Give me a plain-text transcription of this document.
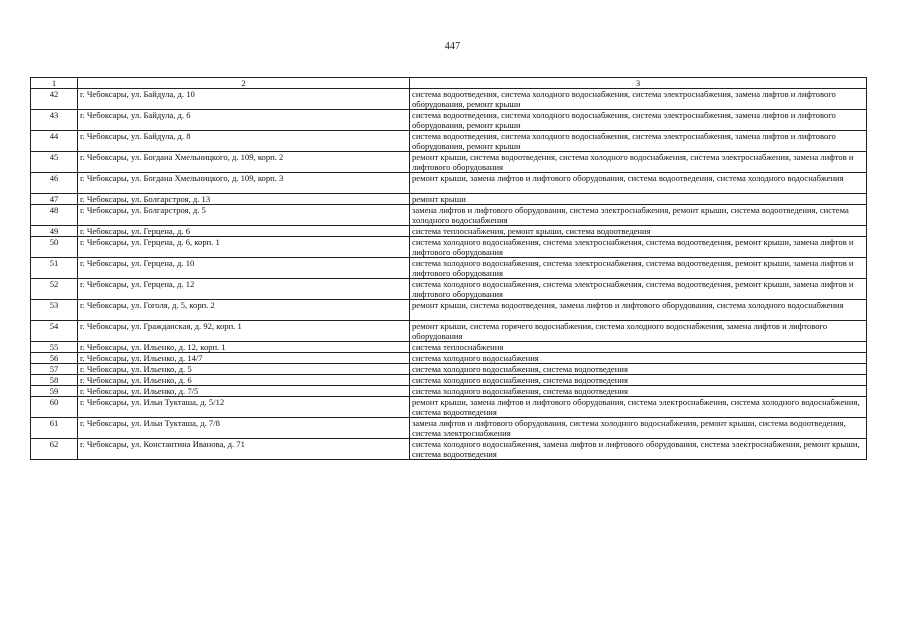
447
1	2	3
42	г. Чебоксары, ул. Байдула, д. 10	система водоотведения, система холодного водоснабжения, система электроснабжения, замена лифтов и лифтового оборудования, ремонт крыши
43	г. Чебоксары, ул. Байдула, д. 6	система водоотведения, система холодного водоснабжения, система электроснабжения, замена лифтов и лифтового оборудования, ремонт крыши
44	г. Чебоксары, ул. Байдула, д. 8	система водоотведения, система холодного водоснабжения, система электроснабжения, замена лифтов и лифтового оборудования, ремонт крыши
45	г. Чебоксары, ул. Богдана Хмельницкого, д. 109, корп. 2	ремонт крыши, система водоотведения, система холодного водоснабжения, система электроснабжения, замена лифтов и лифтового оборудования
46	г. Чебоксары, ул. Богдана Хмельницкого, д. 109, корп. 3	ремонт крыши, замена лифтов и лифтового оборудования, система водоотведения, система холодного водоснабжения
47	г. Чебоксары, ул. Болгарстроя, д. 13	ремонт крыши
48	г. Чебоксары, ул. Болгарстроя, д. 5	замена лифтов и лифтового оборудования, система электроснабжения, ремонт крыши, система водоотведения, система холодного водоснабжения
49	г. Чебоксары, ул. Герцена, д. 6	система теплоснабжения, ремонт крыши, система водоотведения
50	г. Чебоксары, ул. Герцена, д. 6, корп. 1	система холодного водоснабжения, система электроснабжения, система водоотведения, ремонт крыши, замена лифтов и лифтового оборудования
51	г. Чебоксары, ул. Герцена, д. 10	система холодного водоснабжения, система электроснабжения, система водоотведения, ремонт крыши, замена лифтов и лифтового оборудования
52	г. Чебоксары, ул. Герцена, д. 12	система холодного водоснабжения, система электроснабжения, система водоотведения, ремонт крыши, замена лифтов и лифтового оборудования
53	г. Чебоксары, ул. Гоголя, д. 5, корп. 2	ремонт крыши, система водоотведения, замена лифтов и лифтового оборудования, система холодного водоснабжения
54	г. Чебоксары, ул. Гражданская, д. 92, корп. 1	ремонт крыши, система горячего водоснабжения, система холодного водоснабжения, замена лифтов и лифтового оборудования
55	г. Чебоксары, ул. Ильенко, д. 12, корп. 1	система теплоснабжения
56	г. Чебоксары, ул. Ильенко, д. 14/7	система холодного водоснабжения
57	г. Чебоксары, ул. Ильенко, д. 5	система холодного водоснабжения, система водоотведения
58	г. Чебоксары, ул. Ильенко, д. 6	система холодного водоснабжения, система водоотведения
59	г. Чебоксары, ул. Ильенко, д. 7/5	система холодного водоснабжения, система водоотведения
60	г. Чебоксары, ул. Ильи Тукташа, д. 5/12	ремонт крыши, замена лифтов и лифтового оборудования, система электроснабжения, система холодного водоснабжения, система водоотведения
61	г. Чебоксары, ул. Ильи Тукташа, д. 7/8	замена лифтов и лифтового оборудования, система холодного водоснабжения, ремонт крыши, система водоотведения, система электроснабжения
62	г. Чебоксары, ул. Константина Иванова, д. 71	система холодного водоснабжения, замена лифтов и лифтового оборудования, система электроснабжения, ремонт крыши, система водоотведения
